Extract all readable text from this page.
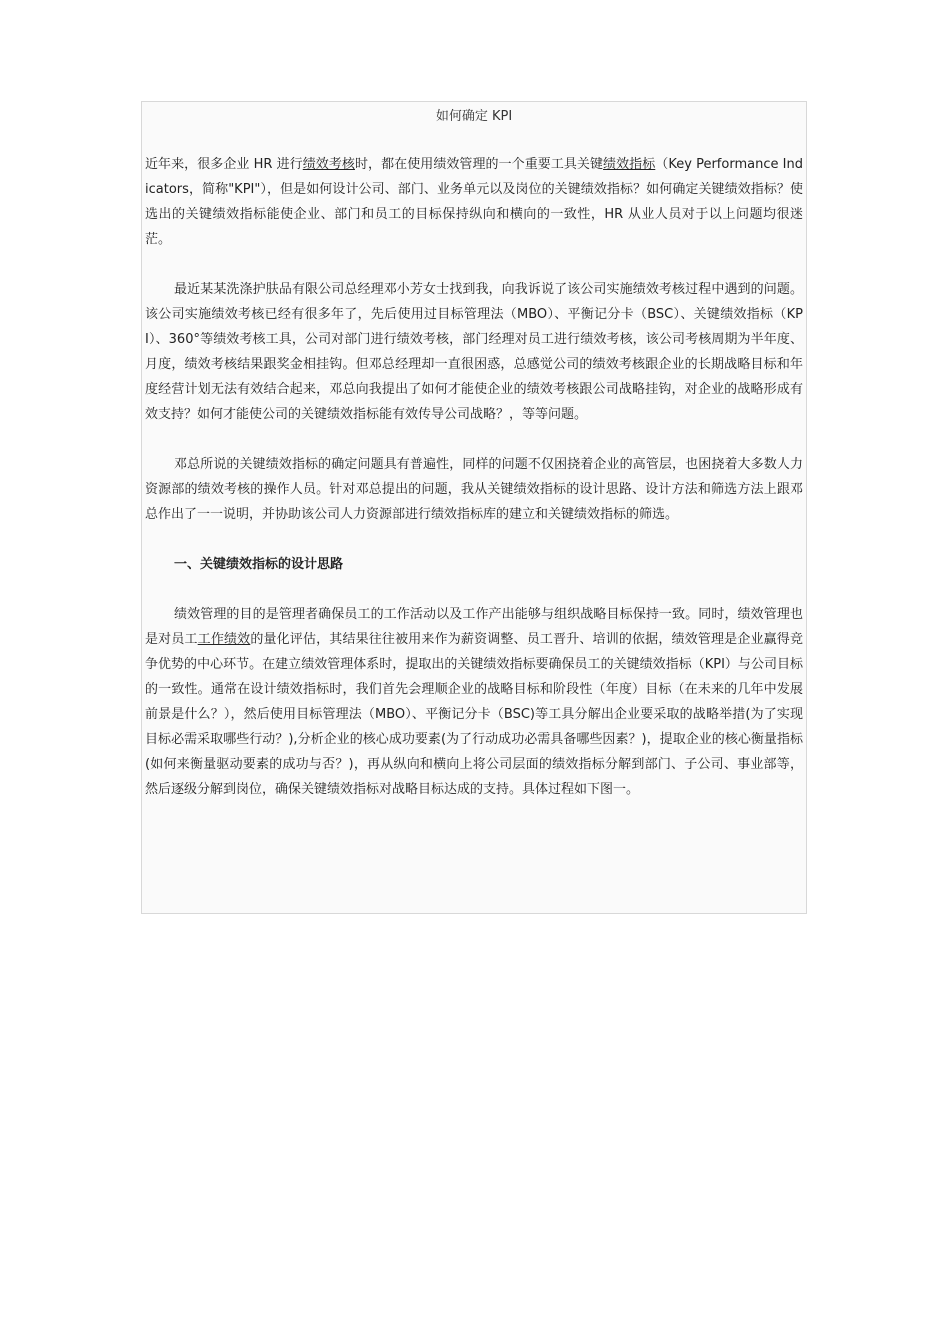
如何确定 KPI

近年来，很多企业 HR 进行绩效考核时，都在使用绩效管理的一个重要工具关键绩效指标（Key Performance Indicators，简称"KPI"），但是如何设计公司、部门、业务单元以及岗位的关键绩效指标？如何确定关键绩效指标？使选出的关键绩效指标能使企业、部门和员工的目标保持纵向和横向的一致性，HR 从业人员对于以上问题均很迷茫。

最近某某洗涤护肤品有限公司总经理邓小芳女士找到我，向我诉说了该公司实施绩效考核过程中遇到的问题。该公司实施绩效考核已经有很多年了，先后使用过目标管理法（MBO）、平衡记分卡（BSC）、关键绩效指标（KPI）、360°等绩效考核工具，公司对部门进行绩效考核，部门经理对员工进行绩效考核，该公司考核周期为半年度、月度，绩效考核结果跟奖金相挂钩。但邓总经理却一直很困惑，总感觉公司的绩效考核跟企业的长期战略目标和年度经营计划无法有效结合起来，邓总向我提出了如何才能使企业的绩效考核跟公司战略挂钩，对企业的战略形成有效支持？如何才能使公司的关键绩效指标能有效传导公司战略？，等等问题。

邓总所说的关键绩效指标的确定问题具有普遍性，同样的问题不仅困挠着企业的高管层，也困挠着大多数人力资源部的绩效考核的操作人员。针对邓总提出的问题，我从关键绩效指标的设计思路、设计方法和筛选方法上跟邓总作出了一一说明，并协助该公司人力资源部进行绩效指标库的建立和关键绩效指标的筛选。

一、关键绩效指标的设计思路

绩效管理的目的是管理者确保员工的工作活动以及工作产出能够与组织战略目标保持一致。同时，绩效管理也是对员工工作绩效的量化评估，其结果往往被用来作为薪资调整、员工晋升、培训的依据，绩效管理是企业赢得竞争优势的中心环节。在建立绩效管理体系时，提取出的关键绩效指标要确保员工的关键绩效指标（KPI）与公司目标的一致性。通常在设计绩效指标时，我们首先会理顺企业的战略目标和阶段性（年度）目标（在未来的几年中发展前景是什么？），然后使用目标管理法（MBO）、平衡记分卡（BSC)等工具分解出企业要采取的战略举措(为了实现目标必需采取哪些行动？),分析企业的核心成功要素(为了行动成功必需具备哪些因素？)，提取企业的核心衡量指标 (如何来衡量驱动要素的成功与否？)，再从纵向和横向上将公司层面的绩效指标分解到部门、子公司、事业部等，然后逐级分解到岗位，确保关键绩效指标对战略目标达成的支持。具体过程如下图一。
